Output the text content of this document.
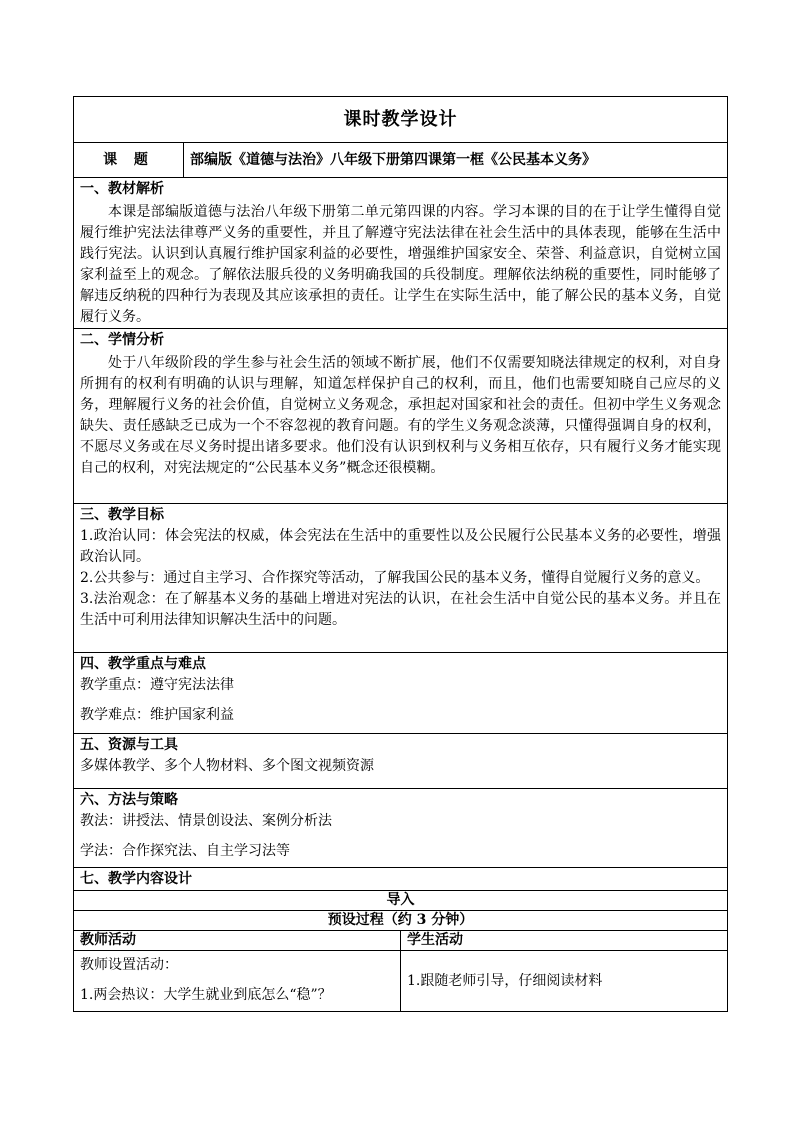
课时教学设计		
课 题	部编版《道德与法治》八年级下册第四课第一框《公民基本义务》	

一、教材解析

本课是部编版道德与法治八年级下册第二单元第四课的内容。学习本课的目的在于让学生懂得自觉履行维护宪法法律尊严义务的重要性，并且了解遵守宪法法律在社会生活中的具体表现，能够在生活中践行宪法。认识到认真履行维护国家利益的必要性，增强维护国家安全、荣誉、利益意识，自觉树立国家利益至上的观念。了解依法服兵役的义务明确我国的兵役制度。理解依法纳税的重要性，同时能够了解违反纳税的四种行为表现及其应该承担的责任。让学生在实际生活中，能了解公民的基本义务，自觉履行义务。		

二、学情分析

处于八年级阶段的学生参与社会生活的领域不断扩展，他们不仅需要知晓法律规定的权利，对自身所拥有的权利有明确的认识与理解，知道怎样保护自己的权利，而且，他们也需要知晓自己应尽的义务，理解履行义务的社会价值，自觉树立义务观念，承担起对国家和社会的责任。但初中学生义务观念缺失、责任感缺乏已成为一个不容忽视的教育问题。有的学生义务观念淡薄，只懂得强调自身的权利，不愿尽义务或在尽义务时提出诸多要求。他们没有认识到权利与义务相互依存，只有履行义务才能实现自己的权利，对宪法规定的“公民基本义务”概念还很模糊。		

三、教学目标

1.政治认同：体会宪法的权威，体会宪法在生活中的重要性以及公民履行公民基本义务的必要性，增强政治认同。

2.公共参与：通过自主学习、合作探究等活动，了解我国公民的基本义务，懂得自觉履行义务的意义。

3.法治观念：在了解基本义务的基础上增进对宪法的认识，在社会生活中自觉公民的基本义务。并且在生活中可利用法律知识解决生活中的问题。		

四、教学重点与难点

教学重点：遵守宪法法律

教学难点：维护国家利益		

五、资源与工具

多媒体教学、多个人物材料、多个图文视频资源		

六、方法与策略

教法：讲授法、情景创设法、案例分析法

学法：合作探究法、自主学习法等		

七、教学内容设计		

导入		
预设过程（约 3 分钟）		
教师活动		学生活动

教师设置活动：

1.两会热议：大学生就业到底怎么“稳”？		1.跟随老师引导，仔细阅读材料
